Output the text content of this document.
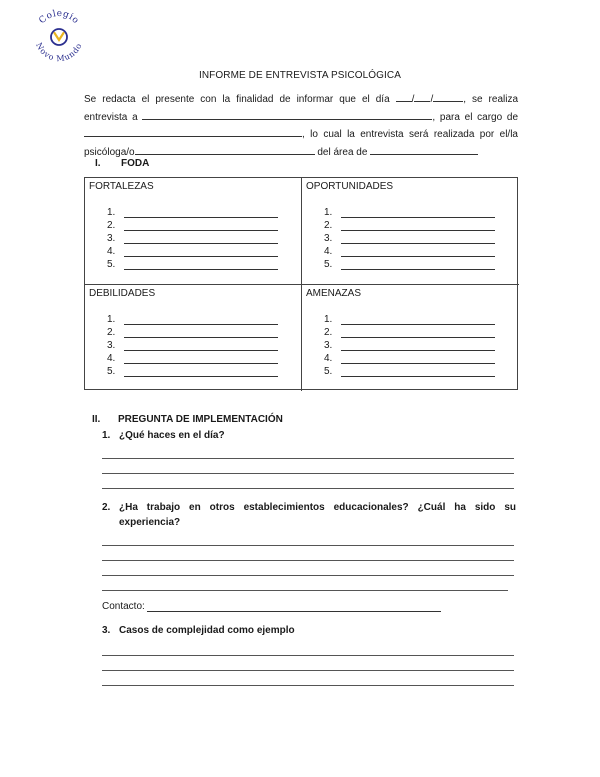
Colegio
Novo Mundo
INFORME DE ENTREVISTA PSICOLÓGICA
Se redacta el presente con la finalidad de informar que el día / /	, se realiza entrevista a	, para el cargo de , lo cual la entrevista será realizada por el/la psicóloga/o	del área de
I. FODA
FORTALEZAS
1.
2.
3.
4.
5.
OPORTUNIDADES
1.
2.
3.
4.
5.
DEBILIDADES
1.
2.
3.
4.
5.
AMENAZAS
1.
2.
3.
4.
5.
II. PREGUNTA DE IMPLEMENTACIÓN
1. ¿Qué haces en el día?
2. ¿Ha trabajo en otros establecimientos educacionales? ¿Cuál ha sido su experiencia?
Contacto:
3. Casos de complejidad como ejemplo
